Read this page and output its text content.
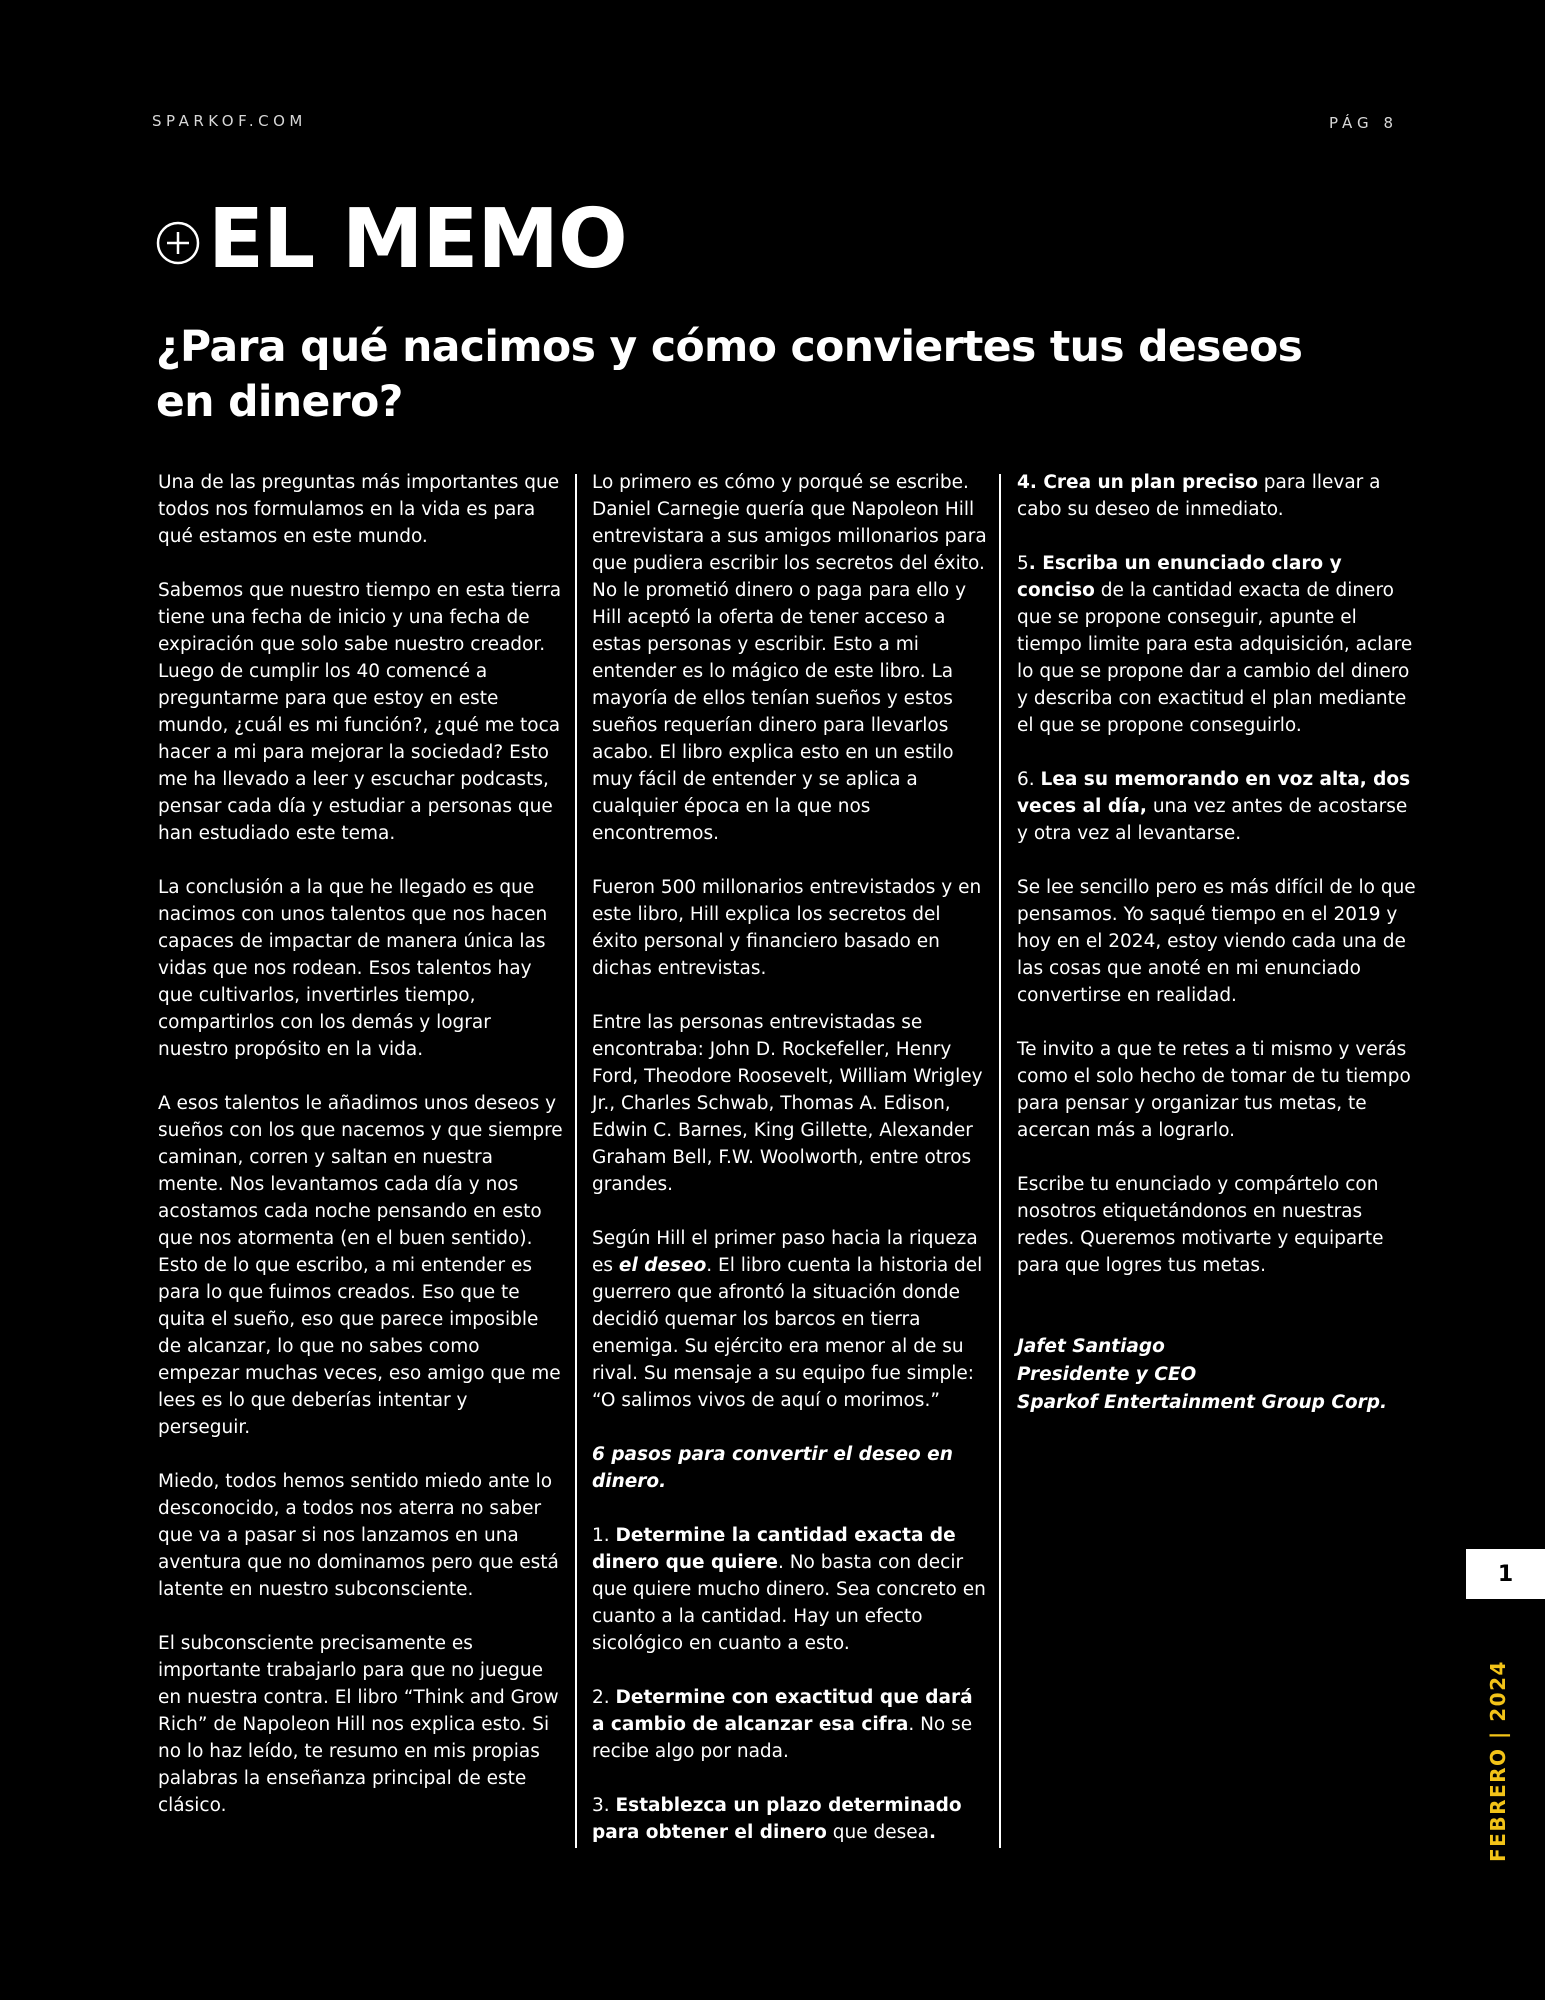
SPARKOF.COM	PÁG 8
EL MEMO
¿Para qué nacimos y cómo conviertes tus deseos en dinero?

Una de las preguntas más importantes que todos nos formulamos en la vida es para qué estamos en este mundo.

Sabemos que nuestro tiempo en esta tierra tiene una fecha de inicio y una fecha de expiración que solo sabe nuestro creador. Luego de cumplir los 40 comencé a preguntarme para que estoy en este mundo, ¿cuál es mi función?, ¿qué me toca hacer a mi para mejorar la sociedad? Esto me ha llevado a leer y escuchar podcasts, pensar cada día y estudiar a personas que han estudiado este tema.

La conclusión a la que he llegado es que nacimos con unos talentos que nos hacen capaces de impactar de manera única las vidas que nos rodean. Esos talentos hay que cultivarlos, invertirles tiempo, compartirlos con los demás y lograr nuestro propósito en la vida.

A esos talentos le añadimos unos deseos y sueños con los que nacemos y que siempre caminan, corren y saltan en nuestra mente. Nos levantamos cada día y nos acostamos cada noche pensando en esto que nos atormenta (en el buen sentido). Esto de lo que escribo, a mi entender es para lo que fuimos creados. Eso que te quita el sueño, eso que parece imposible de alcanzar, lo que no sabes como empezar muchas veces, eso amigo que me lees es lo que deberías intentar y perseguir.

Miedo, todos hemos sentido miedo ante lo desconocido, a todos nos aterra no saber que va a pasar si nos lanzamos en una aventura que no dominamos pero que está latente en nuestro subconsciente.

El subconsciente precisamente es importante trabajarlo para que no juegue en nuestra contra. El libro “Think and Grow Rich” de Napoleon Hill nos explica esto. Si no lo haz leído, te resumo en mis propias palabras la enseñanza principal de este clásico.

Lo primero es cómo y porqué se escribe. Daniel Carnegie quería que Napoleon Hill entrevistara a sus amigos millonarios para que pudiera escribir los secretos del éxito. No le prometió dinero o paga para ello y Hill aceptó la oferta de tener acceso a estas personas y escribir. Esto a mi entender es lo mágico de este libro. La mayoría de ellos tenían sueños y estos sueños requerían dinero para llevarlos acabo. El libro explica esto en un estilo muy fácil de entender y se aplica a cualquier época en la que nos encontremos.

Fueron 500 millonarios entrevistados y en este libro, Hill explica los secretos del éxito personal y financiero basado en dichas entrevistas.

Entre las personas entrevistadas se encontraba: John D. Rockefeller, Henry Ford, Theodore Roosevelt, William Wrigley Jr., Charles Schwab, Thomas A. Edison, Edwin C. Barnes, King Gillette, Alexander Graham Bell, F.W. Woolworth, entre otros grandes.

Según Hill el primer paso hacia la riqueza es el deseo. El libro cuenta la historia del guerrero que afrontó la situación donde decidió quemar los barcos en tierra enemiga. Su ejército era menor al de su rival. Su mensaje a su equipo fue simple: “O salimos vivos de aquí o morimos.”

6 pasos para convertir el deseo en dinero.

1. Determine la cantidad exacta de dinero que quiere. No basta con decir que quiere mucho dinero. Sea concreto en cuanto a la cantidad. Hay un efecto sicológico en cuanto a esto.

2. Determine con exactitud que dará a cambio de alcanzar esa cifra. No se recibe algo por nada.

3. Establezca un plazo determinado para obtener el dinero que desea.

4. Crea un plan preciso para llevar a cabo su deseo de inmediato.

5. Escriba un enunciado claro y conciso de la cantidad exacta de dinero que se propone conseguir, apunte el tiempo limite para esta adquisición, aclare lo que se propone dar a cambio del dinero y describa con exactitud el plan mediante el que se propone conseguirlo.

6. Lea su memorando en voz alta, dos veces al día, una vez antes de acostarse y otra vez al levantarse.

Se lee sencillo pero es más difícil de lo que pensamos. Yo saqué tiempo en el 2019 y hoy en el 2024, estoy viendo cada una de las cosas que anoté en mi enunciado convertirse en realidad.

Te invito a que te retes a ti mismo y verás como el solo hecho de tomar de tu tiempo para pensar y organizar tus metas, te acercan más a lograrlo.

Escribe tu enunciado y compártelo con nosotros etiquetándonos en nuestras redes. Queremos motivarte y equiparte para que logres tus metas.

Jafet Santiago
Presidente y CEO
Sparkof Entertainment Group Corp.
1
FEBRERO | 2024
